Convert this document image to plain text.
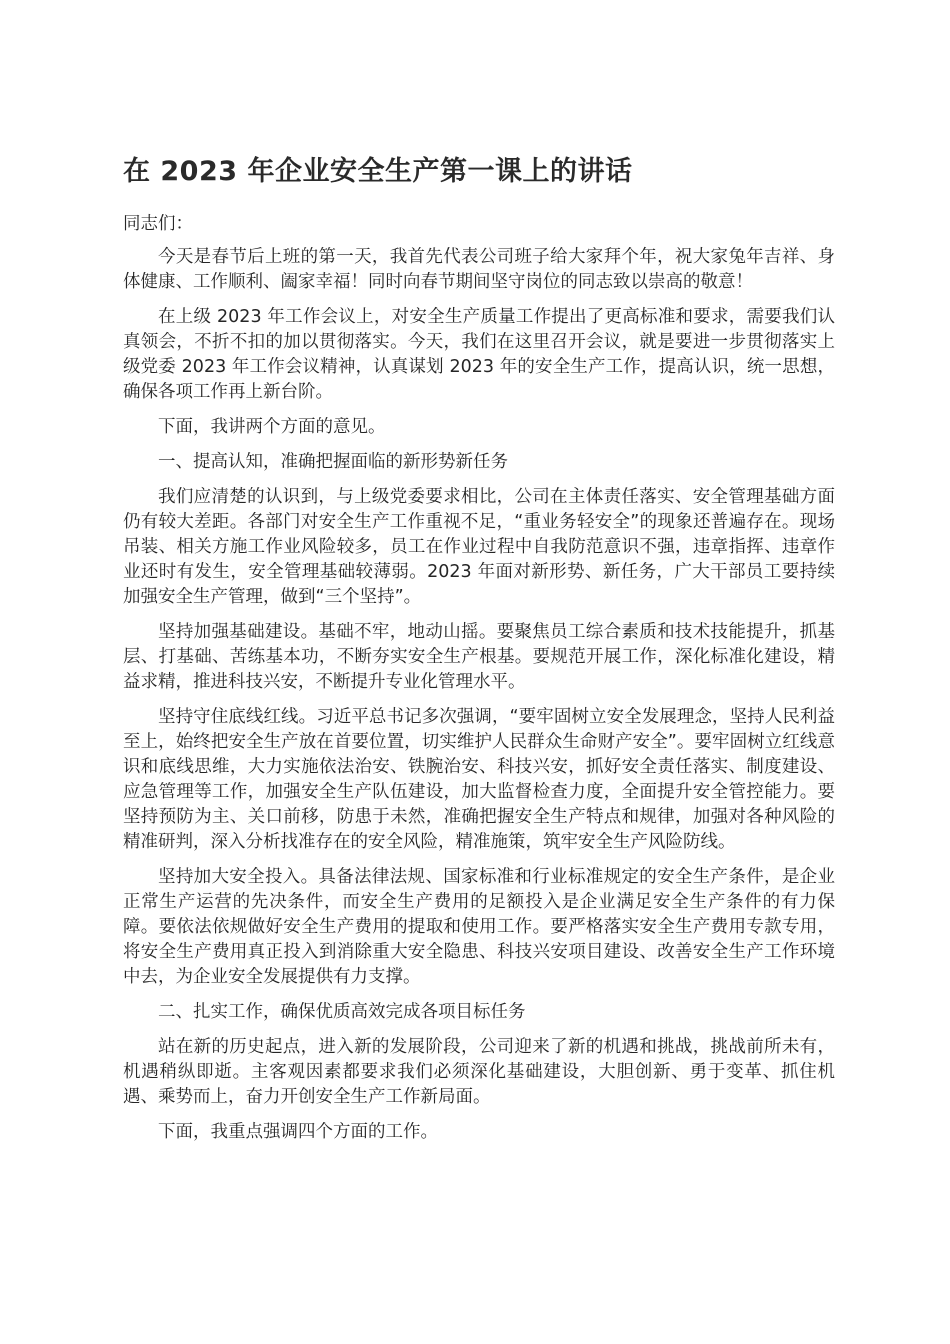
在 2023 年企业安全生产第一课上的讲话

同志们：

今天是春节后上班的第一天，我首先代表公司班子给大家拜个年，祝大家兔年吉祥、身体健康、工作顺利、阖家幸福！同时向春节期间坚守岗位的同志致以崇高的敬意！

在上级 2023 年工作会议上，对安全生产质量工作提出了更高标准和要求，需要我们认真领会，不折不扣的加以贯彻落实。今天，我们在这里召开会议，就是要进一步贯彻落实上级党委 2023 年工作会议精神，认真谋划 2023 年的安全生产工作，提高认识，统一思想，确保各项工作再上新台阶。

下面，我讲两个方面的意见。

一、提高认知，准确把握面临的新形势新任务

我们应清楚的认识到，与上级党委要求相比，公司在主体责任落实、安全管理基础方面仍有较大差距。各部门对安全生产工作重视不足，“重业务轻安全”的现象还普遍存在。现场吊装、相关方施工作业风险较多，员工在作业过程中自我防范意识不强，违章指挥、违章作业还时有发生，安全管理基础较薄弱。2023 年面对新形势、新任务，广大干部员工要持续加强安全生产管理，做到“三个坚持”。

坚持加强基础建设。基础不牢，地动山摇。要聚焦员工综合素质和技术技能提升，抓基层、打基础、苦练基本功，不断夯实安全生产根基。要规范开展工作，深化标准化建设，精益求精，推进科技兴安，不断提升专业化管理水平。

坚持守住底线红线。习近平总书记多次强调，“要牢固树立安全发展理念，坚持人民利益至上，始终把安全生产放在首要位置，切实维护人民群众生命财产安全”。要牢固树立红线意识和底线思维，大力实施依法治安、铁腕治安、科技兴安，抓好安全责任落实、制度建设、应急管理等工作，加强安全生产队伍建设，加大监督检查力度，全面提升安全管控能力。要坚持预防为主、关口前移，防患于未然，准确把握安全生产特点和规律，加强对各种风险的精准研判，深入分析找准存在的安全风险，精准施策，筑牢安全生产风险防线。

坚持加大安全投入。具备法律法规、国家标准和行业标准规定的安全生产条件，是企业正常生产运营的先决条件，而安全生产费用的足额投入是企业满足安全生产条件的有力保障。要依法依规做好安全生产费用的提取和使用工作。要严格落实安全生产费用专款专用，将安全生产费用真正投入到消除重大安全隐患、科技兴安项目建设、改善安全生产工作环境中去，为企业安全发展提供有力支撑。

二、扎实工作，确保优质高效完成各项目标任务

站在新的历史起点，进入新的发展阶段，公司迎来了新的机遇和挑战，挑战前所未有，机遇稍纵即逝。主客观因素都要求我们必须深化基础建设，大胆创新、勇于变革、抓住机遇、乘势而上，奋力开创安全生产工作新局面。

下面，我重点强调四个方面的工作。
